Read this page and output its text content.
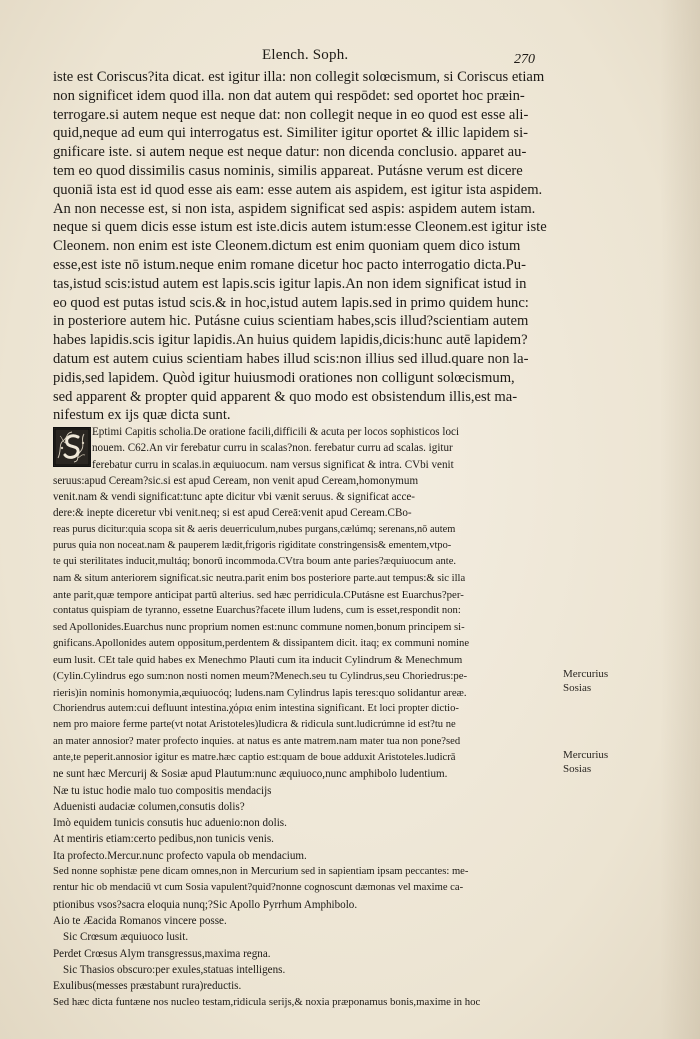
Elench. Soph.	270
iste est Coriscus?ita dicat. est igitur illa: non collegit solœcismum, si Coriscus etiam
non significet idem quod illa. non dat autem qui respōdet: sed oportet hoc præin-
terrogare.si autem neque est neque dat: non collegit neque in eo quod est esse ali-
quid,neque ad eum qui interrogatus est. Similiter igitur oportet & illic lapidem si-
gnificare iste. si autem neque est neque datur: non dicenda conclusio. apparet au-
tem eo quod dissimilis casus nominis, similis appareat. Putásne verum est dicere
quoniā ista est id quod esse ais eam: esse autem ais aspidem, est igitur ista aspidem.
An non necesse est, si non ista, aspidem significat sed aspis: aspidem autem istam.
neque si quem dicis esse istum est iste.dicis autem istum:esse Cleonem.est igitur iste
Cleonem. non enim est iste Cleonem.dictum est enim quoniam quem dico istum
esse,est iste nō istum.neque enim romane dicetur hoc pacto interrogatio dicta.Pu-
tas,istud scis:istud autem est lapis.scis igitur lapis.An non idem significat istud in
eo quod est putas istud scis.& in hoc,istud autem lapis.sed in primo quidem hunc:
in posteriore autem hic. Putásne cuius scientiam habes,scis illud?scientiam autem
habes lapidis.scis igitur lapidis.An huius quidem lapidis,dicis:hunc autē lapidem?
datum est autem cuius scientiam habes illud scis:non illius sed illud.quare non la-
pidis,sed lapidem. Quòd igitur huiusmodi orationes non colligunt solœcismum,
sed apparent & propter quid apparent & quo modo est obsistendum illis,est ma-
nifestum ex ijs quæ dicta sunt.
Eptimi Capitis scholia.De oratione facili,difficili & acuta per locos sophisticos loci
nouem. C62.An vir ferebatur curru in scalas?non. ferebatur curru ad scalas. igitur
ferebatur curru in scalas.in æquiuocum. nam versus significat & intra. CVbi venit
seruus:apud Ceream?sic.si est apud Ceream, non venit apud Ceream,homonymum
venit.nam & vendi significat:tunc apte dicitur vbi vænit seruus. & significat acce-
dere:& inepte diceretur vbi venit.neq; si est apud Cereā:venit apud Ceream.CBo-
reas purus dicitur:quia scopa sit & aeris deuerriculum,nubes purgans,cælúmq; serenans,nō autem
purus quia non noceat.nam & pauperem lædit,frigoris rigiditate constringensis& ementem,vtpo-
te qui sterilitates inducit,multáq; bonorū incommoda.CVtra boum ante paries?æquiuocum ante.
nam & situm anteriorem significat.sic neutra.parit enim bos posteriore parte.aut tempus:& sic illa
ante parit,quæ tempore anticipat partū alterius. sed hæc perridicula.CPutásne est Euarchus?per-
contatus quispiam de tyranno, essetne Euarchus?facete illum ludens, cum is esset,respondit non:
sed Apollonides.Euarchus nunc proprium nomen est:nunc commune nomen,bonum principem si-
gnificans.Apollonides autem oppositum,perdentem & dissipantem dicit. itaq; ex communi nomine
eum lusit. CEt tale quid habes ex Menechmo Plauti cum ita inducit Cylindrum & Menechmum
(Cylin.Cylindrus ego sum:non nosti nomen meum?Menech.seu tu Cylindrus,seu Choriedrus:pe-
rieris)in nominis homonymia,æquiuocóq; ludens.nam Cylindrus lapis teres:quo solidantur areæ.
Choriendrus autem:cui defluunt intestina.χόρια enim intestina significant. Et loci propter dictio-
nem pro maiore ferme parte(vt notat Aristoteles)ludicra & ridicula sunt.ludicrúmne id est?tu ne
an mater annosior? mater profecto inquies. at natus es ante matrem.nam mater tua non pone?sed
ante,te peperit.annosior igitur es matre.hæc captio est:quam de boue adduxit Aristoteles.ludicrā
ne sunt hæc Mercurij & Sosiæ apud Plautum:nunc æquiuoco,nunc amphibolo ludentium.
Næ tu istuc hodie malo tuo compositis mendacijs
Aduenisti audaciæ columen,consutis dolis?
Imò equidem tunicis consutis huc aduenio:non dolis.
At mentiris etiam:certo pedibus,non tunicis venis.
Ita profecto.Mercur.nunc profecto vapula ob mendacium.
Sed nonne sophistæ pene dicam omnes,non in Mercurium sed in sapientiam ipsam peccantes: me-
rentur hic ob mendaciū vt cum Sosia vapulent?quid?nonne cognoscunt dæmonas vel maxime ca-
ptionibus vsos?sacra eloquia nunq;?Sic Apollo Pyrrhum Amphibolo.
Aio te Æacida Romanos vincere posse.
Sic Crœsum æquiuoco lusit.
Perdet Crœsus Alym transgressus,maxima regna.
Sic Thasios obscuro:per exules,statuas intelligens.
Exulibus(messes præstabunt rura)reductis.
Sed hæc dicta funtæne nos nucleo testam,ridicula serijs,& noxia præponamus bonis,maxime in hoc
Mercurius
Sosias
Mercurius
Sosias
